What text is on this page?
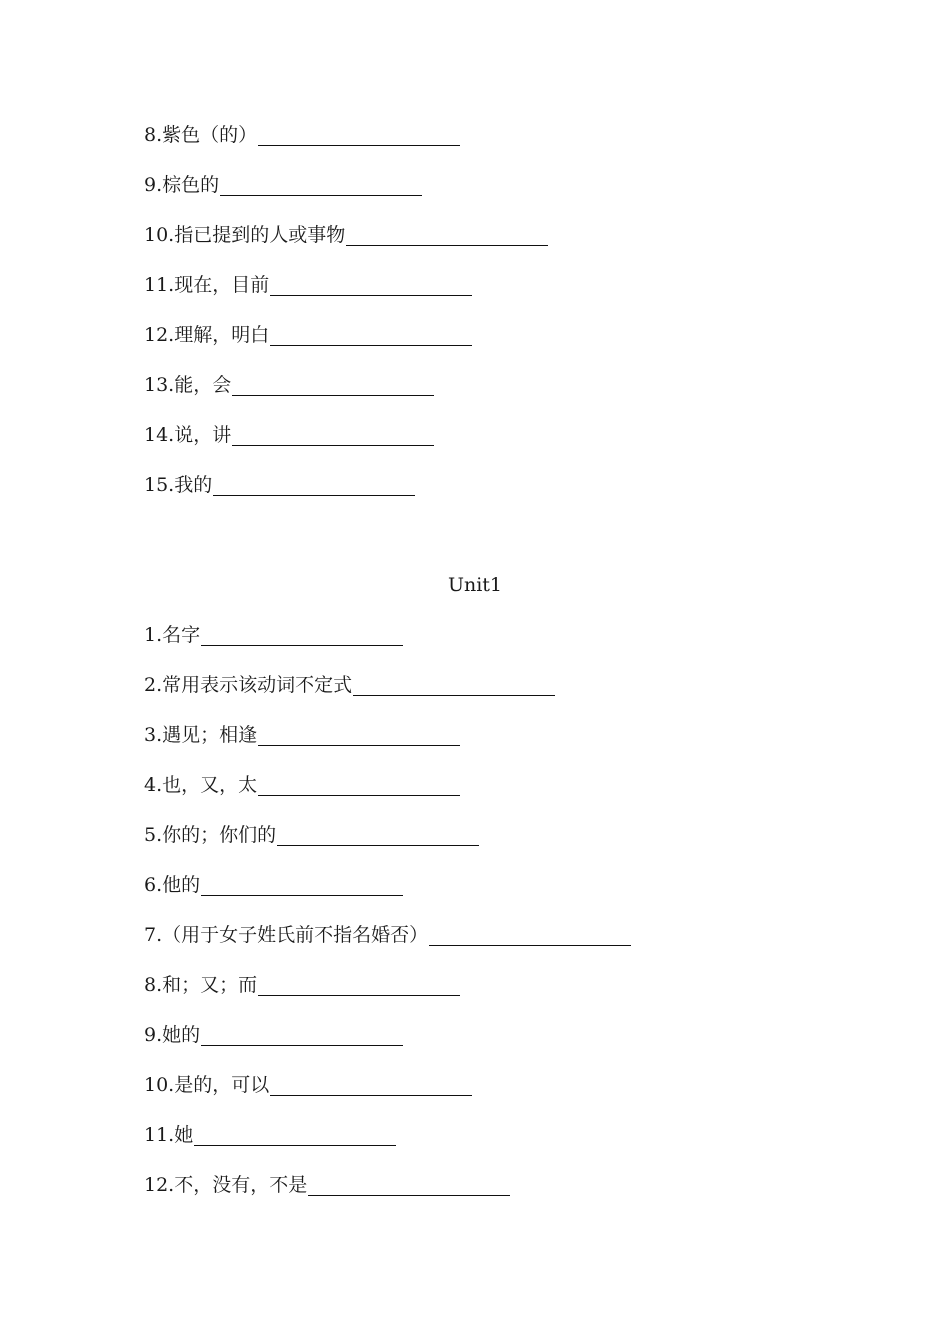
8. 紫色（的）
9. 棕色的
10. 指已提到的人或事物
11. 现在，目前
12. 理解，明白
13. 能，会
14. 说，讲
15. 我的
Unit1
1. 名字
2. 常用表示该动词不定式
3. 遇见；相逢
4. 也，又，太
5. 你的；你们的
6. 他的
7. （用于女子姓氏前不指名婚否）
8. 和；又；而
9. 她的
10. 是的，可以
11. 她
12. 不，没有，不是
